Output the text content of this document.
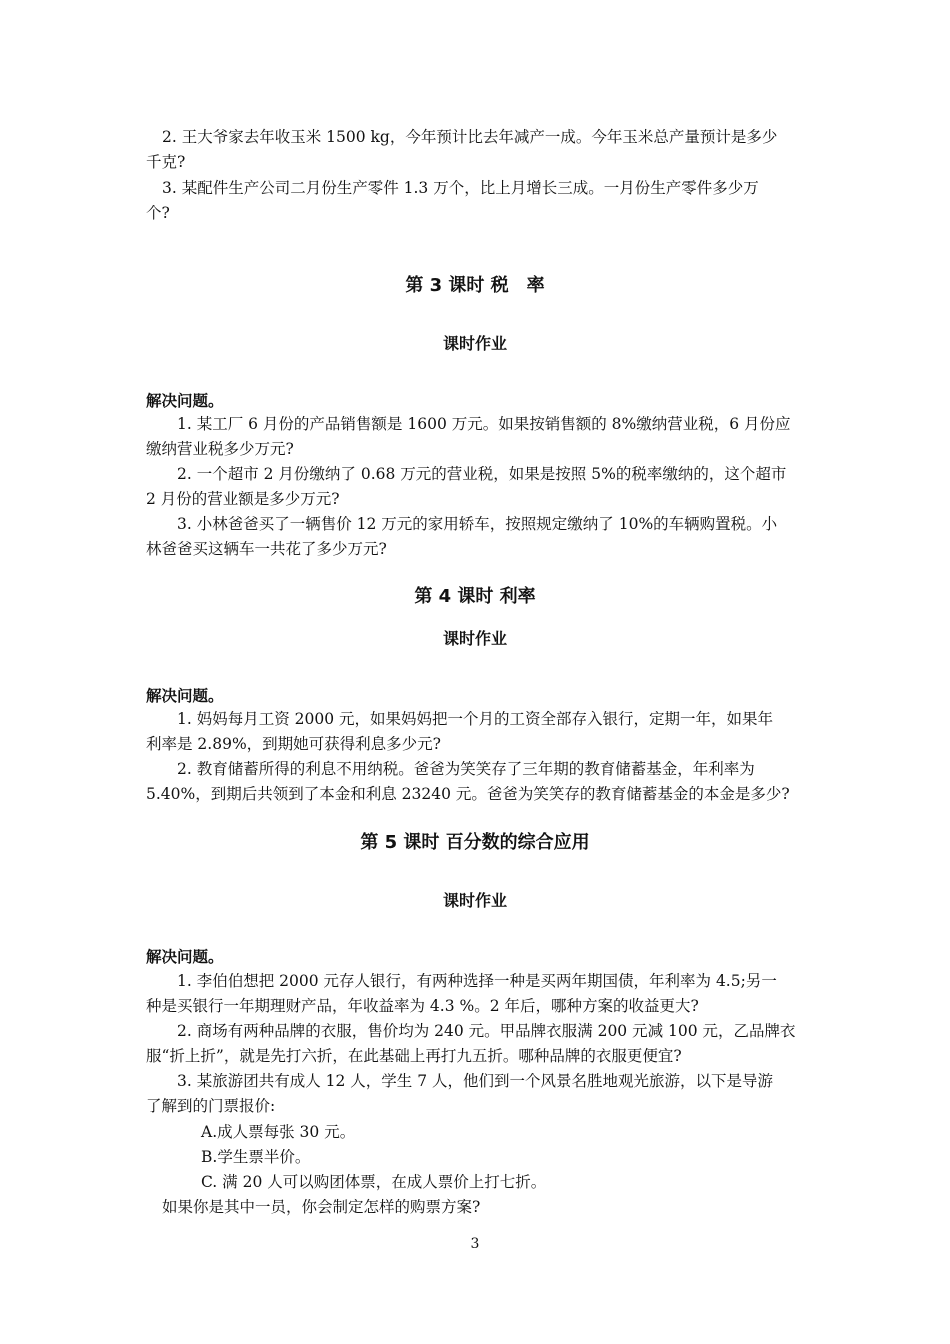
2. 王大爷家去年收玉米 1500 kg，今年预计比去年减产一成。今年玉米总产量预计是多少
千克?
3. 某配件生产公司二月份生产零件 1.3 万个，比上月增长三成。一月份生产零件多少万
个?
第 3 课时 税　率
课时作业
解决问题。
1. 某工厂 6 月份的产品销售额是 1600 万元。如果按销售额的 8%缴纳营业税，6 月份应
缴纳营业税多少万元?
2. 一个超市 2 月份缴纳了 0.68 万元的营业税，如果是按照 5%的税率缴纳的，这个超市
2 月份的营业额是多少万元?
3. 小林爸爸买了一辆售价 12 万元的家用轿车，按照规定缴纳了 10%的车辆购置税。小
林爸爸买这辆车一共花了多少万元?
第 4 课时 利率
课时作业
解决问题。
1. 妈妈每月工资 2000 元，如果妈妈把一个月的工资全部存入银行，定期一年，如果年
利率是 2.89%，到期她可获得利息多少元?
2. 教育储蓄所得的利息不用纳税。爸爸为笑笑存了三年期的教育储蓄基金，年利率为
5.40%，到期后共领到了本金和利息 23240 元。爸爸为笑笑存的教育储蓄基金的本金是多少?
第 5 课时 百分数的综合应用
课时作业
解决问题。
1. 李伯伯想把 2000 元存人银行，有两种选择一种是买两年期国债，年利率为 4.5;另一
种是买银行一年期理财产品，年收益率为 4.3 %。2 年后，哪种方案的收益更大?
2. 商场有两种品牌的衣服，售价均为 240 元。甲品牌衣服满 200 元减 100 元，乙品牌衣
服“折上折”，就是先打六折，在此基础上再打九五折。哪种品牌的衣服更便宜?
3. 某旅游团共有成人 12 人，学生 7 人，他们到一个风景名胜地观光旅游，以下是导游
了解到的门票报价:
A.成人票每张 30 元。
B.学生票半价。
C. 满 20 人可以购团体票，在成人票价上打七折。
如果你是其中一员，你会制定怎样的购票方案?
3
